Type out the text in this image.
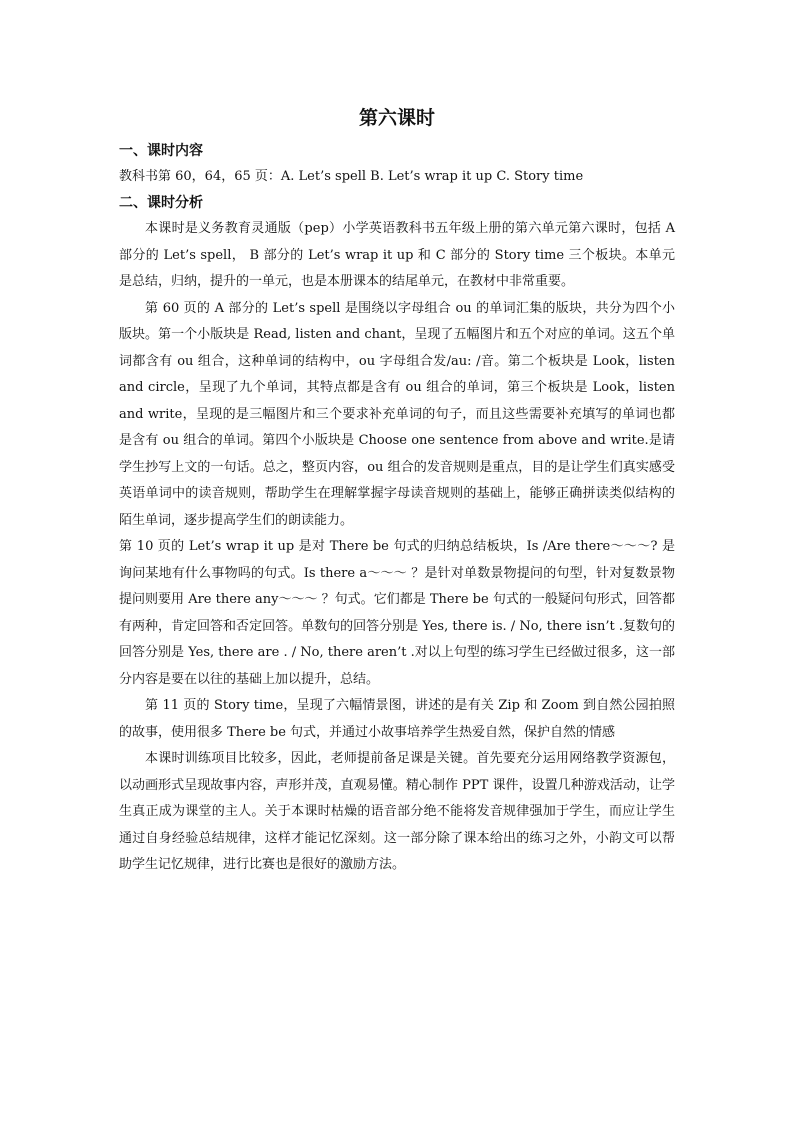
第六课时
一、课时内容

教科书第 60，64，65 页：A. Let’s spell B. Let’s wrap it up C. Story time

二、课时分析

本课时是义务教育灵通版（pep）小学英语教科书五年级上册的第六单元第六课时，包括 A 部分的 Let’s spell， B 部分的 Let’s wrap it up 和 C 部分的 Story time 三个板块。本单元是总结，归纳，提升的一单元，也是本册课本的结尾单元，在教材中非常重要。

第 60 页的 A 部分的 Let’s spell 是围绕以字母组合 ou 的单词汇集的版块，共分为四个小版块。第一个小版块是 Read, listen and chant，呈现了五幅图片和五个对应的单词。这五个单词都含有 ou 组合，这种单词的结构中，ou 字母组合发/au: /音。第二个板块是 Look，listen and circle，呈现了九个单词，其特点都是含有 ou 组合的单词，第三个板块是 Look，listen and write，呈现的是三幅图片和三个要求补充单词的句子，而且这些需要补充填写的单词也都是含有 ou 组合的单词。第四个小版块是 Choose one sentence from above and write.是请学生抄写上文的一句话。总之，整页内容，ou 组合的发音规则是重点，目的是让学生们真实感受英语单词中的读音规则，帮助学生在理解掌握字母读音规则的基础上，能够正确拼读类似结构的陌生单词，逐步提高学生们的朗读能力。

第 10 页的 Let’s wrap it up 是对 There be 句式的归纳总结板块，Is /Are there～～～? 是询问某地有什么事物吗的句式。Is there a～～～ ？是针对单数景物提问的句型，针对复数景物提问则要用 Are there any～～～ ？句式。它们都是 There be 句式的一般疑问句形式，回答都有两种，肯定回答和否定回答。单数句的回答分别是 Yes, there is. / No, there isn’t .复数句的回答分别是 Yes, there are . / No, there aren’t .对以上句型的练习学生已经做过很多，这一部分内容是要在以往的基础上加以提升，总结。

第 11 页的 Story time，呈现了六幅情景图，讲述的是有关 Zip 和 Zoom 到自然公园拍照的故事，使用很多 There be 句式，并通过小故事培养学生热爱自然，保护自然的情感

本课时训练项目比较多，因此，老师提前备足课是关键。首先要充分运用网络教学资源包，以动画形式呈现故事内容，声形并茂，直观易懂。精心制作 PPT 课件，设置几种游戏活动，让学生真正成为课堂的主人。关于本课时枯燥的语音部分绝不能将发音规律强加于学生，而应让学生通过自身经验总结规律，这样才能记忆深刻。这一部分除了课本给出的练习之外，小韵文可以帮助学生记忆规律，进行比赛也是很好的激励方法。
